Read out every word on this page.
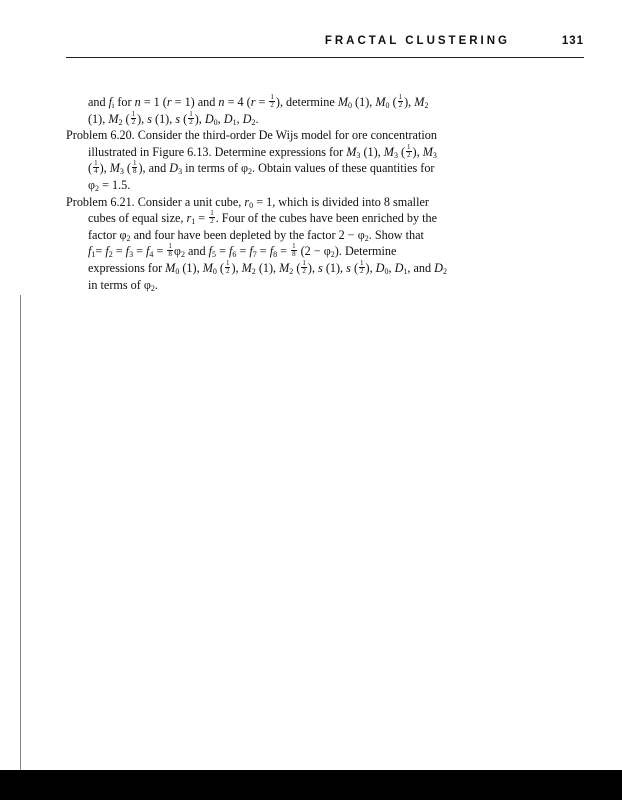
FRACTAL CLUSTERING	131
and $f_i$ for n = 1 (r = 1) and n = 4 ($r = \frac{1}{2}$ ), determine $M_0$ (1), $M_0$ ( $\frac{1}{2}$ ), $M_2$
(1), $M_2$ ( $\frac{1}{2}$ ), s (1), s ( $\frac{1}{2}$ ), $D_0$, $D_1$, $D_2$.
Problem 6.20. Consider the third-order De Wijs model for ore concentration
illustrated in Figure 6.13. Determine expressions for $M_3$ (1), $M_3$ ( $\frac{1}{2}$ ), $M_3$
( $\frac{1}{4}$ ), $M_3$ ( $\frac{1}{8}$ ), and $D_3$ in terms of $\varphi_2$. Obtain values of these quantities for
$\varphi_2 = 1.5$.
Problem 6.21. Consider a unit cube, $r_0 = 1$, which is divided into 8 smaller
cubes of equal size, $r_1 = \frac{1}{2}$ . Four of the cubes have been enriched by the
factor $\varphi_2$ and four have been depleted by the factor $2 - \varphi_2$. Show that
$f_1= f_2 = f_3 = f_4 = \frac{1}{8} \varphi_2$ and $f_5 = f_6 = f_7 = f_8 = \frac{1}{8} (2 - \varphi_2)$. Determine
expressions for $M_0$ (1), $M_0$ ( $\frac{1}{2}$ ), $M_2$ (1), $M_2$ ( $\frac{1}{2}$ ), s (1), s ( $\frac{1}{2}$ ), $D_0$, $D_1$, and $D_2$
in terms of $\varphi_2$.
